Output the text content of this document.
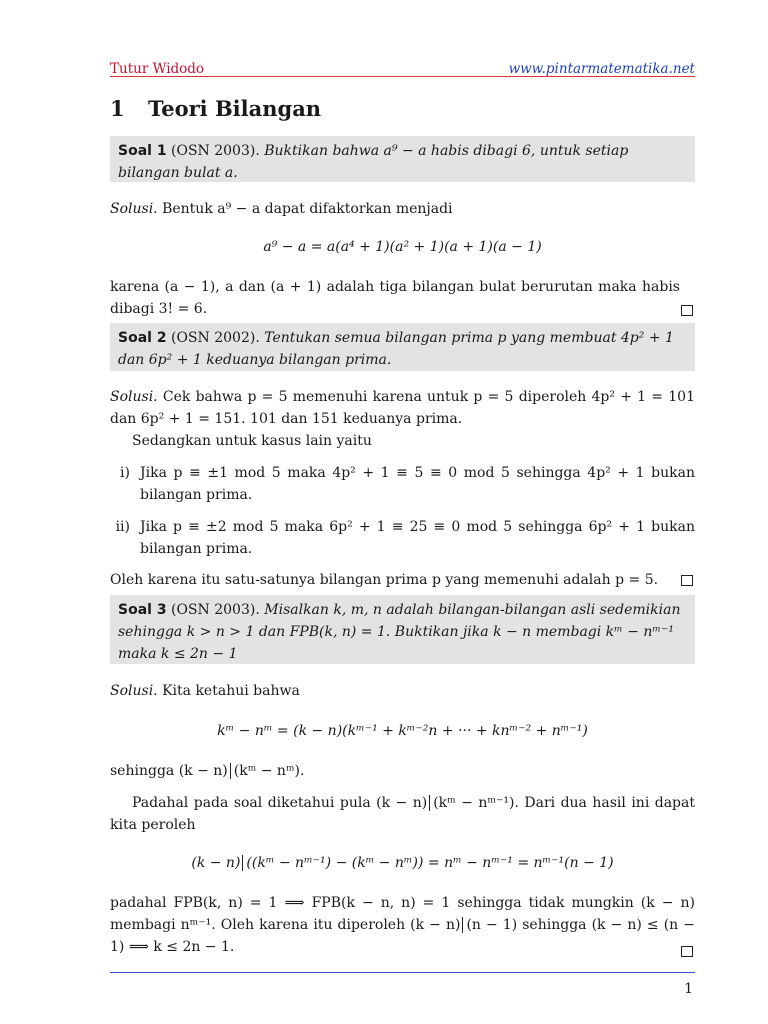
Tutur Widodo	www.pintarmatematika.net
1 Teori Bilangan
Soal 1 (OSN 2003). Buktikan bahwa a⁹ − a habis dibagi 6, untuk setiap bilangan bulat a.
Solusi. Bentuk a⁹ − a dapat difaktorkan menjadi
a⁹ − a = a(a⁴ + 1)(a² + 1)(a + 1)(a − 1)
karena (a − 1), a dan (a + 1) adalah tiga bilangan bulat berurutan maka habis dibagi 3! = 6.
Soal 2 (OSN 2002). Tentukan semua bilangan prima p yang membuat 4p² + 1 dan 6p² + 1 keduanya bilangan prima.
Solusi. Cek bahwa p = 5 memenuhi karena untuk p = 5 diperoleh 4p² + 1 = 101 dan 6p² + 1 = 151. 101 dan 151 keduanya prima.
Sedangkan untuk kasus lain yaitu
i) Jika p ≡ ±1 mod 5 maka 4p² + 1 ≡ 5 ≡ 0 mod 5 sehingga 4p² + 1 bukan bilangan prima.
ii) Jika p ≡ ±2 mod 5 maka 6p² + 1 ≡ 25 ≡ 0 mod 5 sehingga 6p² + 1 bukan bilangan prima.
Oleh karena itu satu-satunya bilangan prima p yang memenuhi adalah p = 5.
Soal 3 (OSN 2003). Misalkan k, m, n adalah bilangan-bilangan asli sedemikian sehingga k > n > 1 dan FPB(k, n) = 1. Buktikan jika k − n membagi kᵐ − nᵐ⁻¹ maka k ≤ 2n − 1
Solusi. Kita ketahui bahwa
kᵐ − nᵐ = (k − n)(kᵐ⁻¹ + kᵐ⁻²n + ··· + knᵐ⁻² + nᵐ⁻¹)
sehingga (k − n) (kᵐ − nᵐ).
Padahal pada soal diketahui pula (k − n) (kᵐ − nᵐ⁻¹). Dari dua hasil ini dapat kita peroleh
(k − n) ((kᵐ − nᵐ⁻¹) − (kᵐ − nᵐ)) = nᵐ − nᵐ⁻¹ = nᵐ⁻¹(n − 1)
padahal FPB(k, n) = 1 ⟹ FPB(k − n, n) = 1 sehingga tidak mungkin (k − n) membagi nᵐ⁻¹. Oleh karena itu diperoleh (k − n) (n − 1) sehingga (k − n) ≤ (n − 1) ⟹ k ≤ 2n − 1.
1
